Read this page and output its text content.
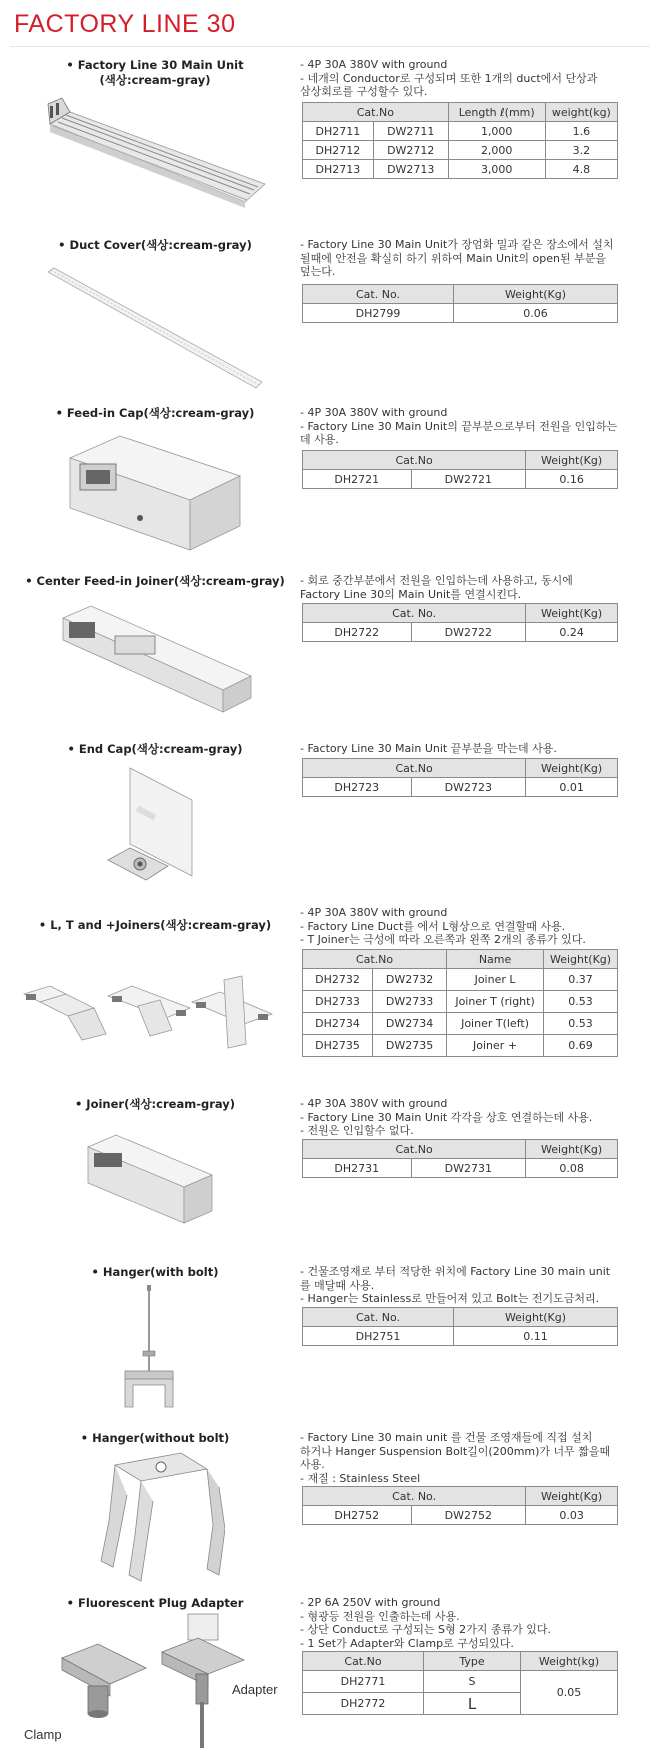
FACTORY LINE 30
• Factory Line 30 Main Unit
(색상:cream-gray)
- 4P 30A 380V with ground
- 네개의 Conductor로 구성되며 또한 1개의 duct에서 단상과
삼상회로를 구성할수 있다.
Cat.No		Length ℓ(mm)	weight(kg)
DH2711	DW2711	1,000	1.6
DH2712	DW2712	2,000	3.2
DH2713	DW2713	3,000	4.8
• Duct Cover(색상:cream-gray)	- Factory Line 30 Main Unit가 장엄화 밀과 같은 장소에서 설치
될때에 안전을 확실히 하기 위하여 Main Unit의 open된 부분을
덮는다.
Cat. No.	Weight(Kg)
DH2799	0.06
• Feed-in Cap(색상:cream-gray)	- 4P 30A 380V with ground
- Factory Line 30 Main Unit의 끝부분으로부터 전원을 인입하는
데 사용.
Cat.No		Weight(Kg)
DH2721	DW2721	0.16
• Center Feed-in Joiner(색상:cream-gray)	- 회로 중간부분에서 전원을 인입하는데 사용하고, 동시에
Factory Line 30의 Main Unit를 연결시킨다.
Cat. No.		Weight(Kg)
DH2722	DW2722	0.24
• End Cap(색상:cream-gray)	- Factory Line 30 Main Unit 끝부분을 막는데 사용.
Cat.No		Weight(Kg)
DH2723	DW2723	0.01
• L, T and +Joiners(색상:cream-gray)
- 4P 30A 380V with ground
- Factory Line Duct를 에서 L형상으로 연결할때 사용.
- T Joiner는 극성에 따라 오른쪽과 왼쪽 2개의 종류가 있다.
Cat.No		Name	Weight(Kg)
DH2732	DW2732	Joiner L	0.37
DH2733	DW2733	Joiner T (right)	0.53
DH2734	DW2734	Joiner T(left)	0.53
DH2735	DW2735	Joiner +	0.69
• Joiner(색상:cream-gray)	- 4P 30A 380V with ground
- Factory Line 30 Main Unit 각각을 상호 연결하는데 사용.
- 전원은 인입할수 없다.
Cat.No		Weight(Kg)
DH2731	DW2731	0.08
• Hanger(with bolt)	- 건물조영재로 부터 적당한 위치에 Factory Line 30 main unit
를 매달때 사용.
- Hanger는 Stainless로 만들어져 있고 Bolt는 전기도금처리.
Cat. No.	Weight(Kg)
DH2751	0.11
• Hanger(without bolt)	- Factory Line 30 main unit 를 건물 조영재들에 직접 설치
하거나 Hanger Suspension Bolt길이(200mm)가 너무 짧을때
사용.
- 재질 : Stainless Steel
Cat. No.		Weight(Kg)
DH2752	DW2752	0.03
• Fluorescent Plug Adapter
Clamp
Adapter
- 2P 6A 250V with ground
- 형광등 전원을 인출하는데 사용.
- 상단 Conduct로 구성되는 S형 2가지 종류가 있다.
- 1 Set가 Adapter와 Clamp로 구성되있다.
Cat.No	Type	Weight(kg)
DH2771	S	0.05
DH2772	L	
